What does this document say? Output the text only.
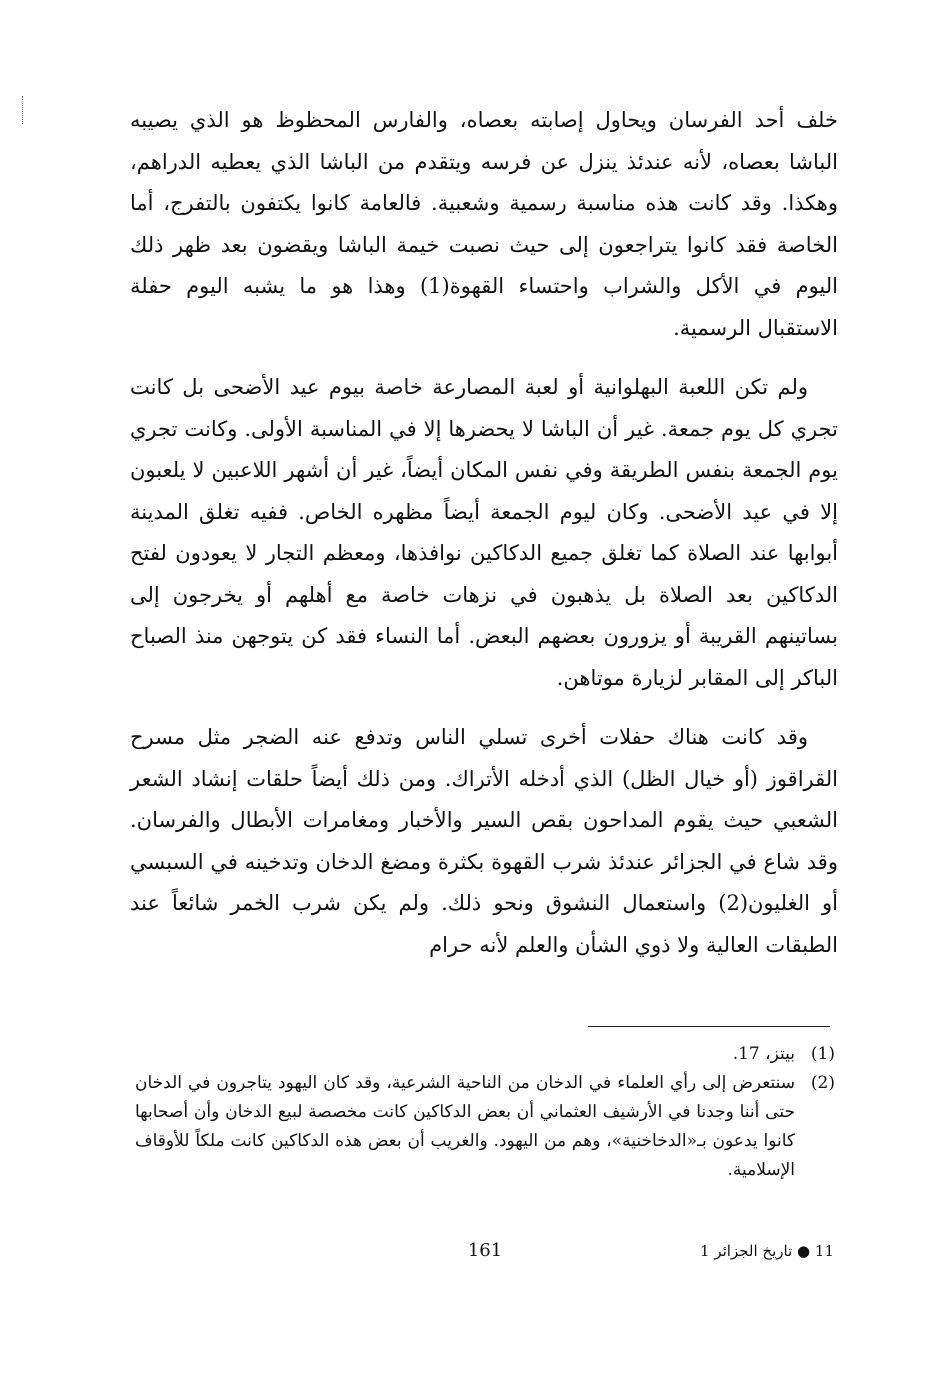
خلف أحد الفرسان ويحاول إصابته بعصاه، والفارس المحظوظ هو الذي يصيبه الباشا بعصاه، لأنه عندئذ ينزل عن فرسه ويتقدم من الباشا الذي يعطيه الدراهم، وهكذا. وقد كانت هذه مناسبة رسمية وشعبية. فالعامة كانوا يكتفون بالتفرج، أما الخاصة فقد كانوا يتراجعون إلى حيث نصبت خيمة الباشا ويقضون بعد ظهر ذلك اليوم في الأكل والشراب واحتساء القهوة(1) وهذا هو ما يشبه اليوم حفلة الاستقبال الرسمية.

ولم تكن اللعبة البهلوانية أو لعبة المصارعة خاصة بيوم عيد الأضحى بل كانت تجري كل يوم جمعة. غير أن الباشا لا يحضرها إلا في المناسبة الأولى. وكانت تجري يوم الجمعة بنفس الطريقة وفي نفس المكان أيضاً، غير أن أشهر اللاعبين لا يلعبون إلا في عيد الأضحى. وكان ليوم الجمعة أيضاً مظهره الخاص. ففيه تغلق المدينة أبوابها عند الصلاة كما تغلق جميع الدكاكين نوافذها، ومعظم التجار لا يعودون لفتح الدكاكين بعد الصلاة بل يذهبون في نزهات خاصة مع أهلهم أو يخرجون إلى بساتينهم القريبة أو يزورون بعضهم البعض. أما النساء فقد كن يتوجهن منذ الصباح الباكر إلى المقابر لزيارة موتاهن.

وقد كانت هناك حفلات أخرى تسلي الناس وتدفع عنه الضجر مثل مسرح القراقوز (أو خيال الظل) الذي أدخله الأتراك. ومن ذلك أيضاً حلقات إنشاد الشعر الشعبي حيث يقوم المداحون بقص السير والأخبار ومغامرات الأبطال والفرسان. وقد شاع في الجزائر عندئذ شرب القهوة بكثرة ومضغ الدخان وتدخينه في السبسي أو الغليون(2) واستعمال النشوق ونحو ذلك. ولم يكن شرب الخمر شائعاً عند الطبقات العالية ولا ذوي الشأن والعلم لأنه حرام

(1)
بيتز، 17.
(2)
سنتعرض إلى رأي العلماء في الدخان من الناحية الشرعية، وقد كان اليهود يتاجرون في الدخان حتى أننا وجدنا في الأرشيف العثماني أن بعض الدكاكين كانت مخصصة لبيع الدخان وأن أصحابها كانوا يدعون بـ«الدخاخنية»، وهم من اليهود. والغريب أن بعض هذه الدكاكين كانت ملكاً للأوقاف الإسلامية.
161	11 ● تاريخ الجزائر 1
